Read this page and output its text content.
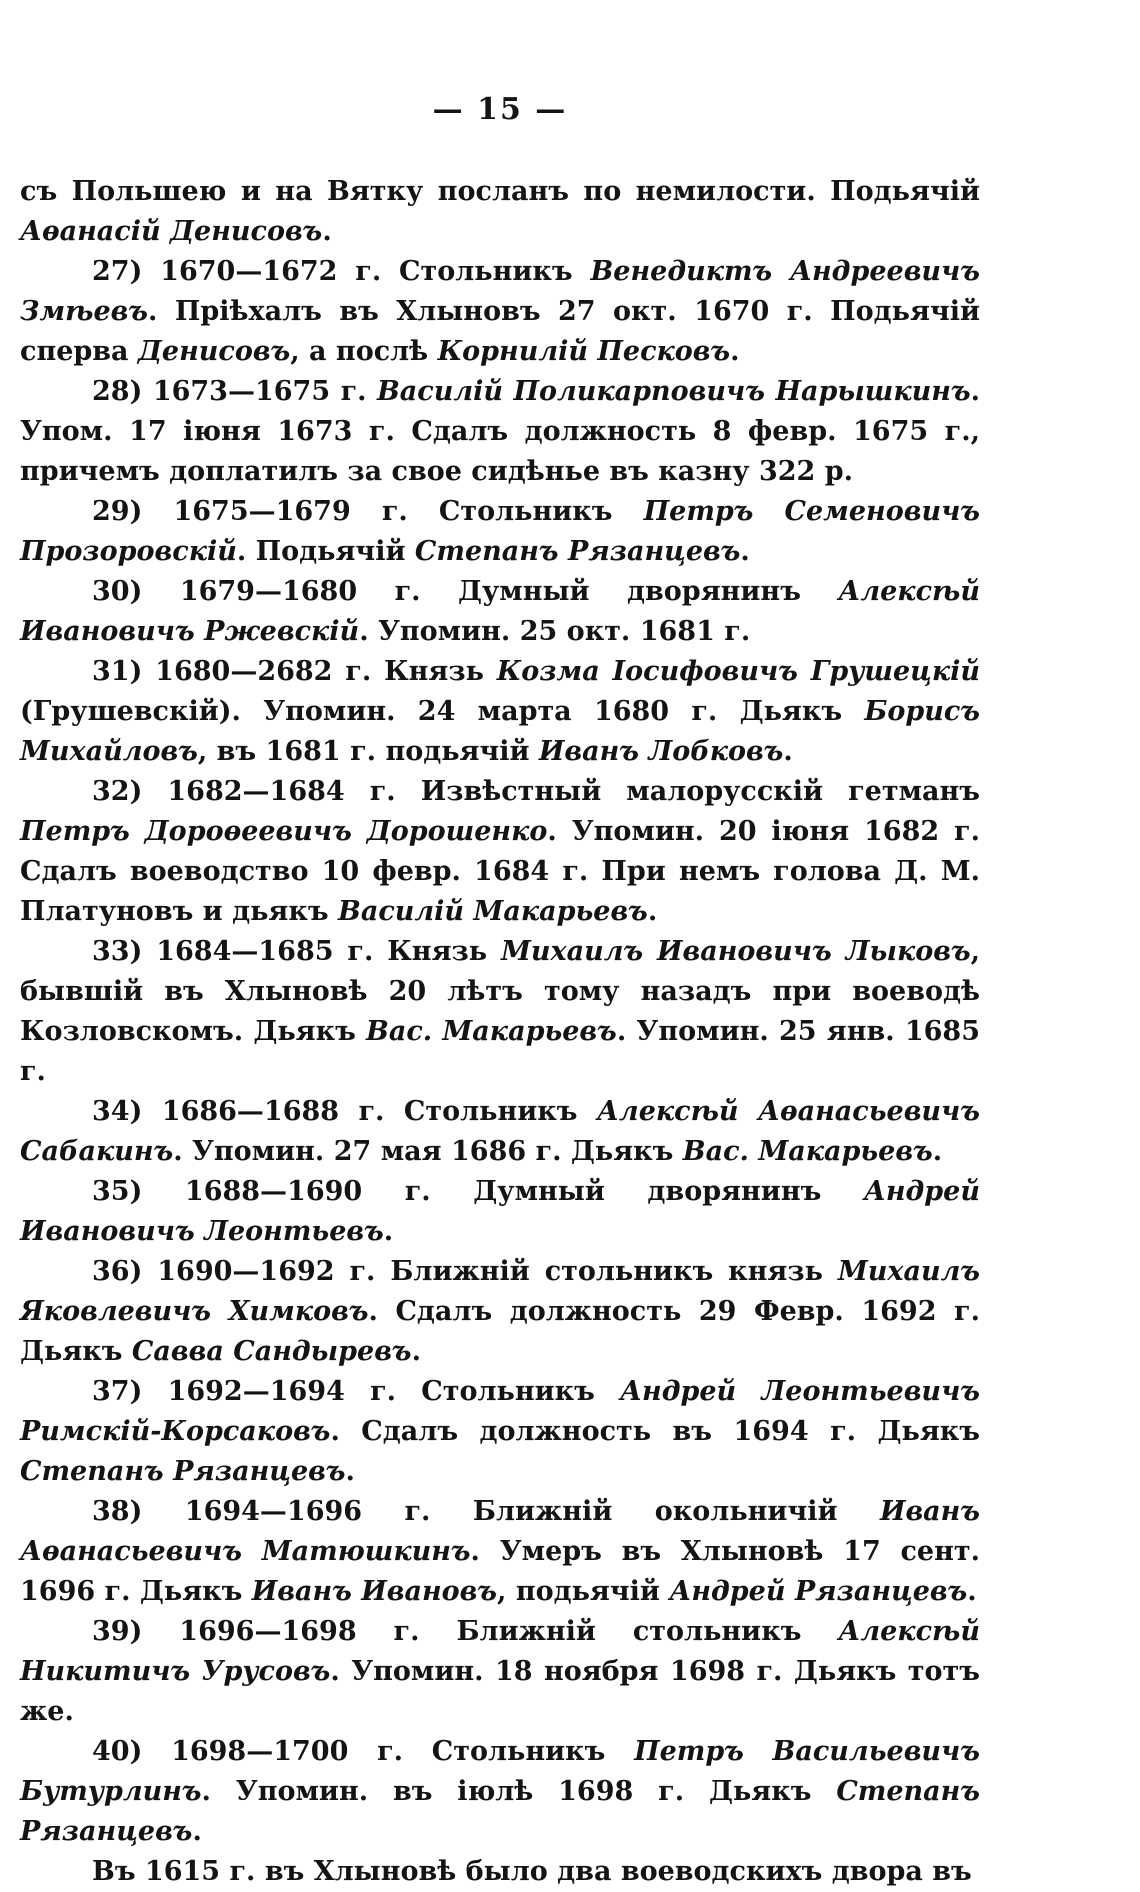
— 15 —

съ Польшею и на Вятку посланъ по немилости. Подьячій Аѳанасій Денисовъ.

27) 1670—1672 г. Стольникъ Венедиктъ Андреевичъ Змѣевъ. Пріѣхалъ въ Хлыновъ 27 окт. 1670 г. Подьячій сперва Денисовъ, а послѣ Корнилій Песковъ.

28) 1673—1675 г. Василій Поликарповичъ Нарышкинъ. Упом. 17 іюня 1673 г. Сдалъ должность 8 февр. 1675 г., причемъ доплатилъ за свое сидѣнье въ казну 322 р.

29) 1675—1679 г. Стольникъ Петръ Семеновичъ Прозоровскій. Подьячій Степанъ Рязанцевъ.

30) 1679—1680 г. Думный дворянинъ Алексѣй Ивановичъ Ржевскій. Упомин. 25 окт. 1681 г.

31) 1680—2682 г. Князь Козма Іосифовичъ Грушецкій (Грушевскій). Упомин. 24 марта 1680 г. Дьякъ Борисъ Михайловъ, въ 1681 г. подьячій Иванъ Лобковъ.

32) 1682—1684 г. Извѣстный малорусскій гетманъ Петръ Дороѳеевичъ Дорошенко. Упомин. 20 іюня 1682 г. Сдалъ воеводство 10 февр. 1684 г. При немъ голова Д. М. Платуновъ и дьякъ Василій Макарьевъ.

33) 1684—1685 г. Князь Михаилъ Ивановичъ Лыковъ, бывшій въ Хлыновѣ 20 лѣтъ тому назадъ при воеводѣ Козловскомъ. Дьякъ Вас. Макарьевъ. Упомин. 25 янв. 1685 г.

34) 1686—1688 г. Стольникъ Алексѣй Аѳанасьевичъ Сабакинъ. Упомин. 27 мая 1686 г. Дьякъ Вас. Макарьевъ.

35) 1688—1690 г. Думный дворянинъ Андрей Ивановичъ Леонтьевъ.

36) 1690—1692 г. Ближній стольникъ князь Михаилъ Яковлевичъ Химковъ. Сдалъ должность 29 Февр. 1692 г. Дьякъ Савва Сандыревъ.

37) 1692—1694 г. Стольникъ Андрей Леонтьевичъ Римскій-Корсаковъ. Сдалъ должность въ 1694 г. Дьякъ Степанъ Рязанцевъ.

38) 1694—1696 г. Ближній окольничій Иванъ Аѳанасьевичъ Матюшкинъ. Умеръ въ Хлыновѣ 17 сент. 1696 г. Дьякъ Иванъ Ивановъ, подьячій Андрей Рязанцевъ.

39) 1696—1698 г. Ближній стольникъ Алексѣй Никитичъ Урусовъ. Упомин. 18 ноября 1698 г. Дьякъ тотъ же.

40) 1698—1700 г. Стольникъ Петръ Васильевичъ Бутурлинъ. Упомин. въ іюлѣ 1698 г. Дьякъ Степанъ Рязанцевъ.

Въ 1615 г. въ Хлыновѣ было два воеводскихъ двора въ
